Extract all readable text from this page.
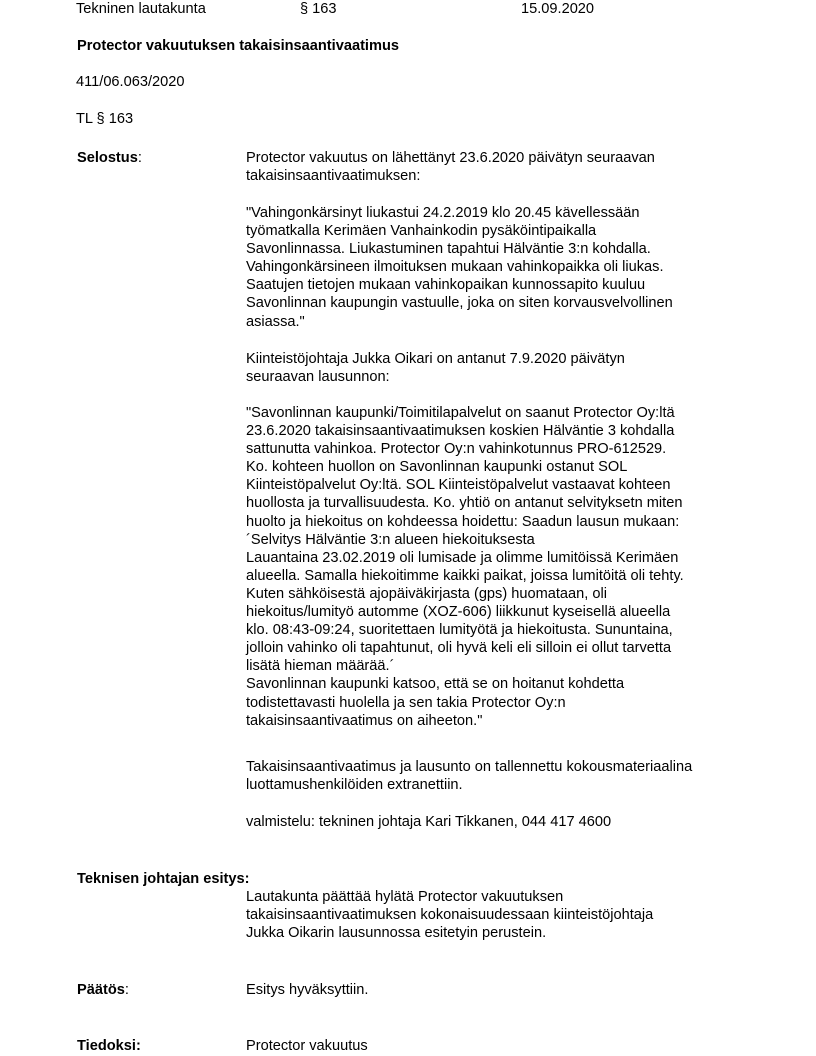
Tekninen lautakunta	§ 163	15.09.2020
Protector vakuutuksen takaisinsaantivaatimus
411/06.063/2020
TL § 163
Selostus:	Protector vakuutus on lähettänyt 23.6.2020 päivätyn seuraavan
takaisinsaantivaatimuksen:

"Vahingonkärsinyt liukastui 24.2.2019 klo 20.45 kävellessään
työmatkalla Kerimäen Vanhainkodin pysäköintipaikalla
Savonlinnassa. Liukastuminen tapahtui Hälväntie 3:n kohdalla.
Vahingonkärsineen ilmoituksen mukaan vahinkopaikka oli liukas.
Saatujen tietojen mukaan vahinkopaikan kunnossapito kuuluu
Savonlinnan kaupungin vastuulle, joka on siten korvausvelvollinen
asiassa."

Kiinteistöjohtaja Jukka Oikari on antanut 7.9.2020 päivätyn
seuraavan lausunnon:

"Savonlinnan kaupunki/Toimitilapalvelut on saanut Protector Oy:ltä
23.6.2020 takaisinsaantivaatimuksen koskien Hälväntie 3 kohdalla
sattunutta vahinkoa. Protector Oy:n vahinkotunnus PRO-612529.
Ko. kohteen huollon on Savonlinnan kaupunki ostanut SOL
Kiinteistöpalvelut Oy:ltä. SOL Kiinteistöpalvelut vastaavat kohteen
huollosta ja turvallisuudesta. Ko. yhtiö on antanut selvityksetn miten
huolto ja hiekoitus on kohdeessa hoidettu: Saadun lausun mukaan:
´Selvitys Hälväntie 3:n alueen hiekoituksesta
Lauantaina 23.02.2019 oli lumisade ja olimme lumitöissä Kerimäen
alueella. Samalla hiekoitimme kaikki paikat, joissa lumitöitä oli tehty.
Kuten sähköisestä ajopäiväkirjasta (gps) huomataan, oli
hiekoitus/lumityö automme (XOZ-606) liikkunut kyseisellä alueella
klo. 08:43-09:24, suoritettaen lumityötä ja hiekoitusta. Sununtaina,
jolloin vahinko oli tapahtunut, oli hyvä keli eli silloin ei ollut tarvetta
lisätä hieman määrää.´
Savonlinnan kaupunki katsoo, että se on hoitanut kohdetta
todistettavasti huolella ja sen takia Protector Oy:n
takaisinsaantivaatimus on aiheeton."

Takaisinsaantivaatimus ja lausunto on tallennettu kokousmateriaalina
luottamushenkilöiden extranettiin.

valmistelu: tekninen johtaja Kari Tikkanen, 044 417 4600
Teknisen johtajan esitys:

Lautakunta päättää hylätä Protector vakuutuksen
takaisinsaantivaatimuksen kokonaisuudessaan kiinteistöjohtaja
Jukka Oikarin lausunnossa esitetyin perustein.

Päätös:	Esitys hyväksyttiin.
Tiedoksi:	Protector vakuutus
